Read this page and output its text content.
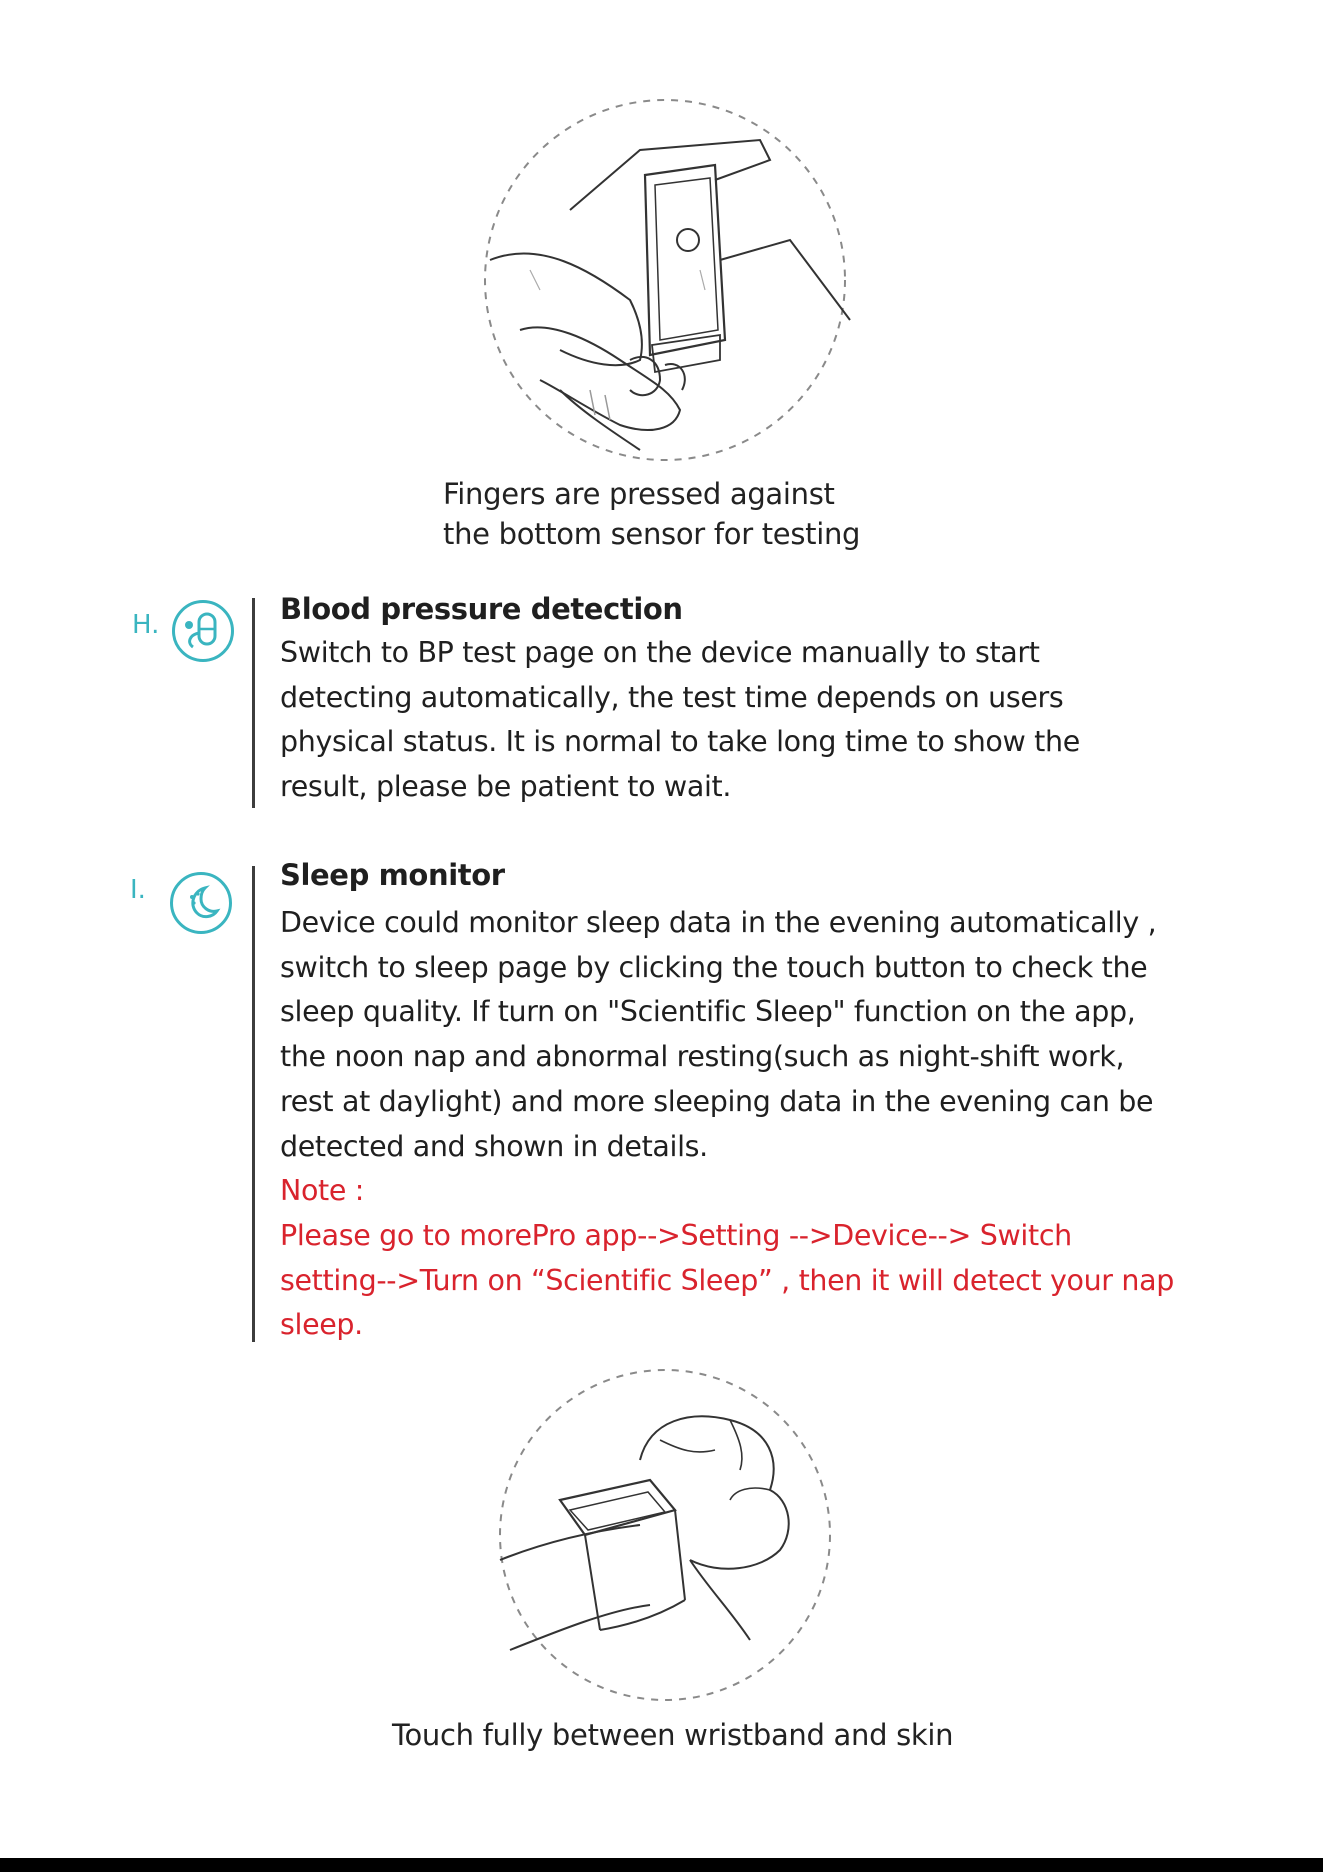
Fingers are pressed against
the bottom sensor for testing
H.	Blood pressure detection
Switch to BP test page on the device manually to start
detecting automatically, the test time depends on users
physical status. It is normal to take long time to show the
result, please be patient to wait.
I.	Sleep monitor
Device could monitor sleep data in the evening automatically ,
switch to sleep page by clicking the touch button to check the
sleep quality. If turn on "Scientific Sleep" function on the app,
the noon nap and abnormal resting(such as night-shift work,
rest at daylight) and more sleeping data in the evening can be
detected and shown in details.
Note :
Please go to morePro app-->Setting -->Device--> Switch
setting-->Turn on “Scientific Sleep” , then it will detect your nap
sleep.
Touch fully between wristband and skin
